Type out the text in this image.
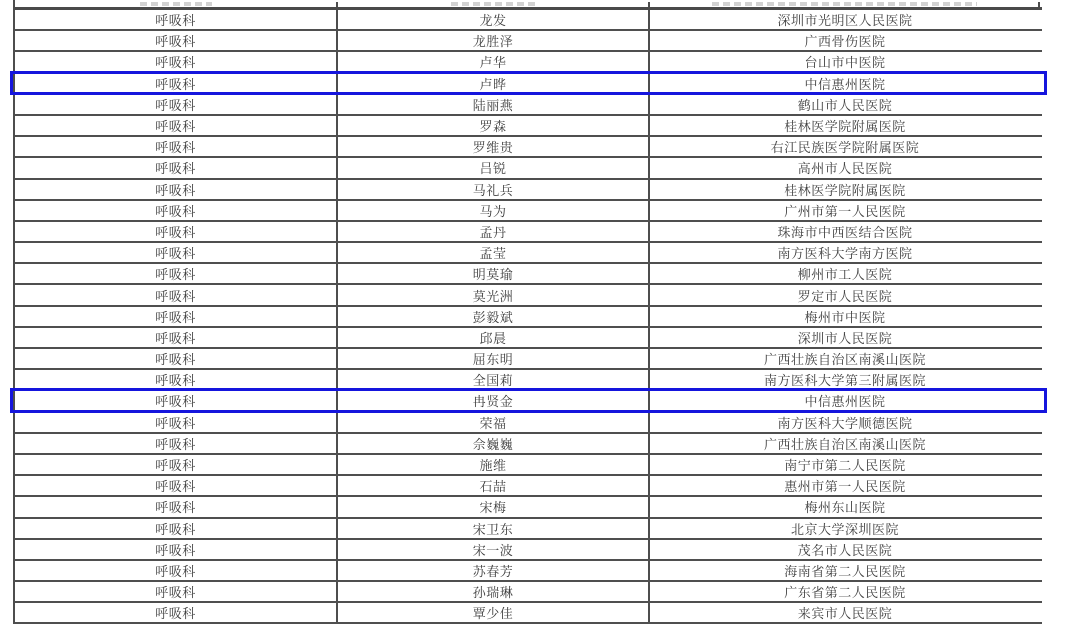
呼吸科	龙发	深圳市光明区人民医院
呼吸科	龙胜泽	广西骨伤医院
呼吸科	卢华	台山市中医院
呼吸科	卢晔	中信惠州医院
呼吸科	陆丽燕	鹤山市人民医院
呼吸科	罗森	桂林医学院附属医院
呼吸科	罗维贵	右江民族医学院附属医院
呼吸科	吕锐	高州市人民医院
呼吸科	马礼兵	桂林医学院附属医院
呼吸科	马为	广州市第一人民医院
呼吸科	孟丹	珠海市中西医结合医院
呼吸科	孟莹	南方医科大学南方医院
呼吸科	明莫瑜	柳州市工人医院
呼吸科	莫光洲	罗定市人民医院
呼吸科	彭毅斌	梅州市中医院
呼吸科	邱晨	深圳市人民医院
呼吸科	屈东明	广西壮族自治区南溪山医院
呼吸科	全国莉	南方医科大学第三附属医院
呼吸科	冉贤金	中信惠州医院
呼吸科	荣福	南方医科大学顺德医院
呼吸科	佘巍巍	广西壮族自治区南溪山医院
呼吸科	施维	南宁市第二人民医院
呼吸科	石喆	惠州市第一人民医院
呼吸科	宋梅	梅州东山医院
呼吸科	宋卫东	北京大学深圳医院
呼吸科	宋一波	茂名市人民医院
呼吸科	苏春芳	海南省第二人民医院
呼吸科	孙瑞琳	广东省第二人民医院
呼吸科	覃少佳	来宾市人民医院
